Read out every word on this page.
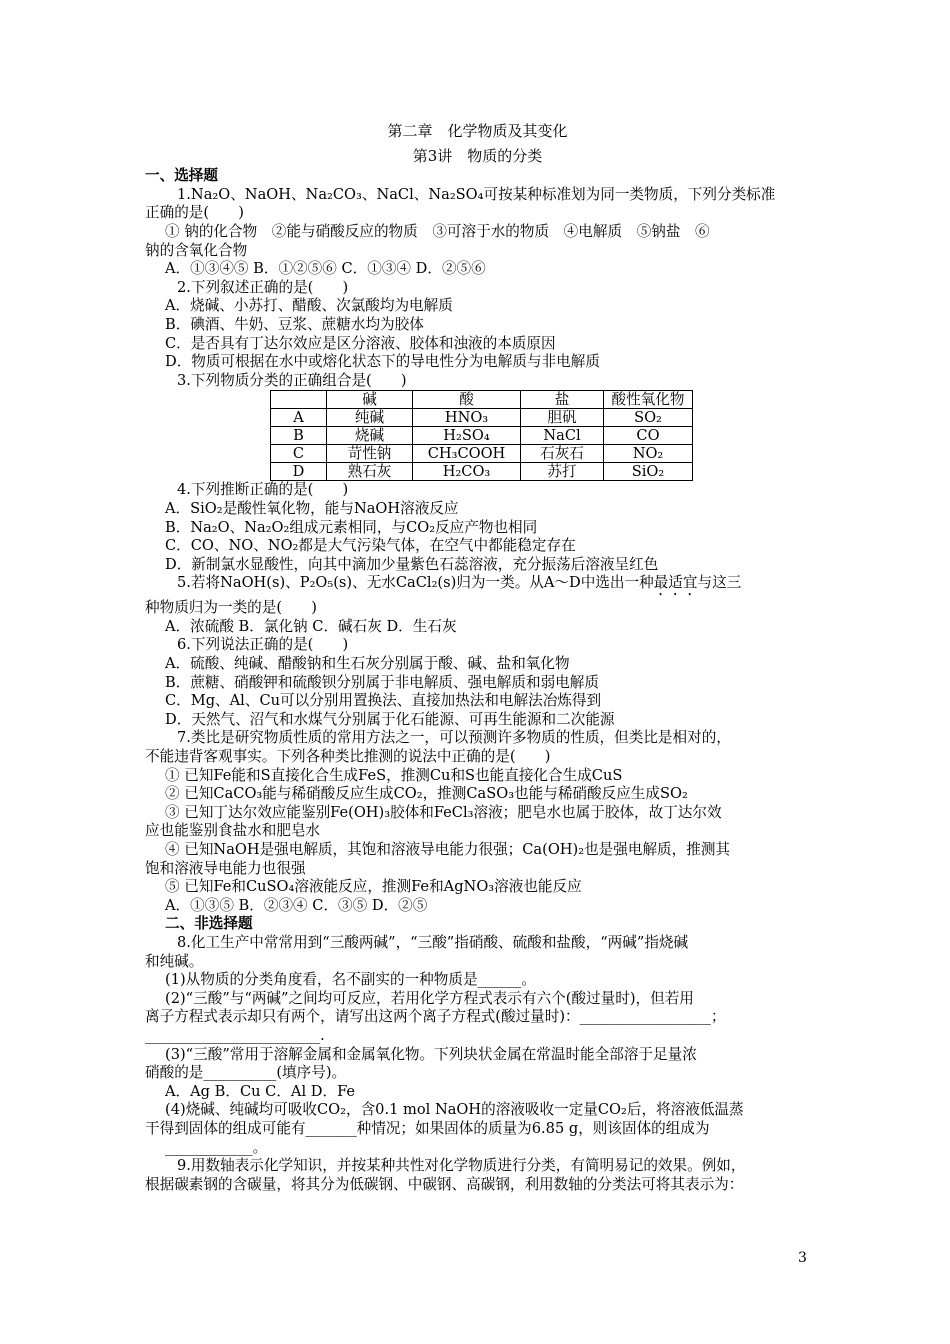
第二章　化学物质及其变化
第3讲　物质的分类
一、选择题
1.Na₂O、NaOH、Na₂CO₃、NaCl、Na₂SO₄可按某种标准划为同一类物质，下列分类标准
正确的是(　　)
① 钠的化合物　②能与硝酸反应的物质　③可溶于水的物质　④电解质　⑤钠盐　⑥
钠的含氧化合物
A．①③④⑤ B．①②⑤⑥ C．①③④ D．②⑤⑥
2.下列叙述正确的是(　　)
A．烧碱、小苏打、醋酸、次氯酸均为电解质
B．碘酒、牛奶、豆浆、蔗糖水均为胶体
C．是否具有丁达尔效应是区分溶液、胶体和浊液的本质原因
D．物质可根据在水中或熔化状态下的导电性分为电解质与非电解质
3.下列物质分类的正确组合是(　　)
	碱	酸	盐	酸性氧化物
A	纯碱	HNO₃	胆矾	SO₂
B	烧碱	H₂SO₄	NaCl	CO
C	苛性钠	CH₃COOH	石灰石	NO₂
D	熟石灰	H₂CO₃	苏打	SiO₂
4.下列推断正确的是(　　)
A．SiO₂是酸性氧化物，能与NaOH溶液反应
B．Na₂O、Na₂O₂组成元素相同，与CO₂反应产物也相同
C．CO、NO、NO₂都是大气污染气体，在空气中都能稳定存在
D．新制氯水显酸性，向其中滴加少量紫色石蕊溶液，充分振荡后溶液呈红色
5.若将NaOH(s)、P₂O₅(s)、无水CaCl₂(s)归为一类。从A～D中选出一种最适宜与这三
种物质归为一类的是(　　)
A．浓硫酸 B．氯化钠 C．碱石灰 D．生石灰
6.下列说法正确的是(　　)
A．硫酸、纯碱、醋酸钠和生石灰分别属于酸、碱、盐和氧化物
B．蔗糖、硝酸钾和硫酸钡分别属于非电解质、强电解质和弱电解质
C．Mg、Al、Cu可以分别用置换法、直接加热法和电解法冶炼得到
D．天然气、沼气和水煤气分别属于化石能源、可再生能源和二次能源
7.类比是研究物质性质的常用方法之一，可以预测许多物质的性质，但类比是相对的，
不能违背客观事实。下列各种类比推测的说法中正确的是(　　)
① 已知Fe能和S直接化合生成FeS，推测Cu和S也能直接化合生成CuS
② 已知CaCO₃能与稀硝酸反应生成CO₂，推测CaSO₃也能与稀硝酸反应生成SO₂
③ 已知丁达尔效应能鉴别Fe(OH)₃胶体和FeCl₃溶液；肥皂水也属于胶体，故丁达尔效
应也能鉴别食盐水和肥皂水
④ 已知NaOH是强电解质，其饱和溶液导电能力很强；Ca(OH)₂也是强电解质，推测其
饱和溶液导电能力也很强
⑤ 已知Fe和CuSO₄溶液能反应，推测Fe和AgNO₃溶液也能反应
A．①③⑤ B．②③④ C．③⑤ D．②⑤
二、非选择题
8.化工生产中常常用到“三酸两碱”，“三酸”指硝酸、硫酸和盐酸，“两碱”指烧碱
和纯碱。
(1)从物质的分类角度看，名不副实的一种物质是______。
(2)“三酸”与“两碱”之间均可反应，若用化学方程式表示有六个(酸过量时)，但若用
离子方程式表示却只有两个，请写出这两个离子方程式(酸过量时)：__________________；
________________________.
(3)“三酸”常用于溶解金属和金属氧化物。下列块状金属在常温时能全部溶于足量浓
硝酸的是__________(填序号)。
A．Ag B．Cu C．Al D．Fe
(4)烧碱、纯碱均可吸收CO₂，含0.1 mol NaOH的溶液吸收一定量CO₂后，将溶液低温蒸
干得到固体的组成可能有_______种情况；如果固体的质量为6.85 g，则该固体的组成为
____________。
9.用数轴表示化学知识，并按某种共性对化学物质进行分类，有简明易记的效果。例如，
根据碳素钢的含碳量，将其分为低碳钢、中碳钢、高碳钢，利用数轴的分类法可将其表示为：
3
